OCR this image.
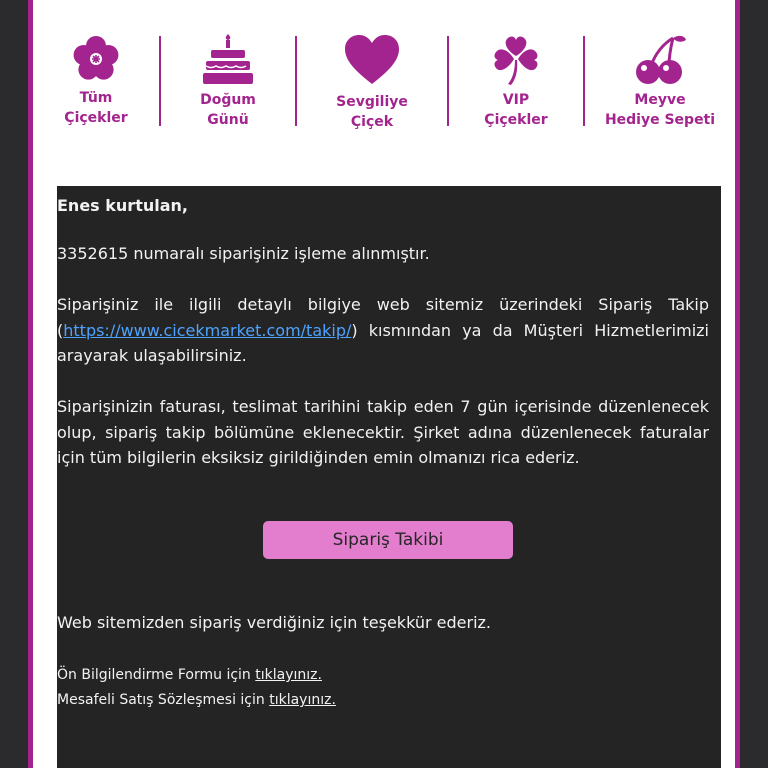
Tüm
Çiçekler
Doğum
Günü
Sevgiliye
Çiçek
VIP
Çiçekler
Meyve
Hediye Sepeti

Enes kurtulan,

3352615 numaralı siparişiniz işleme alınmıştır.

Siparişiniz ile ilgili detaylı bilgiye web sitemiz üzerindeki Sipariş Takip (https://www.cicekmarket.com/takip/) kısmından ya da Müşteri Hizmetlerimizi arayarak ulaşabilirsiniz.

Siparişinizin faturası, teslimat tarihini takip eden 7 gün içerisinde düzenlenecek olup, sipariş takip bölümüne eklenecektir. Şirket adına düzenlenecek faturalar için tüm bilgilerin eksiksiz girildiğinden emin olmanızı rica ederiz.

Sipariş Takibi

Web sitemizden sipariş verdiğiniz için teşekkür ederiz.

Ön Bilgilendirme Formu için tıklayınız.
Mesafeli Satış Sözleşmesi için tıklayınız.
